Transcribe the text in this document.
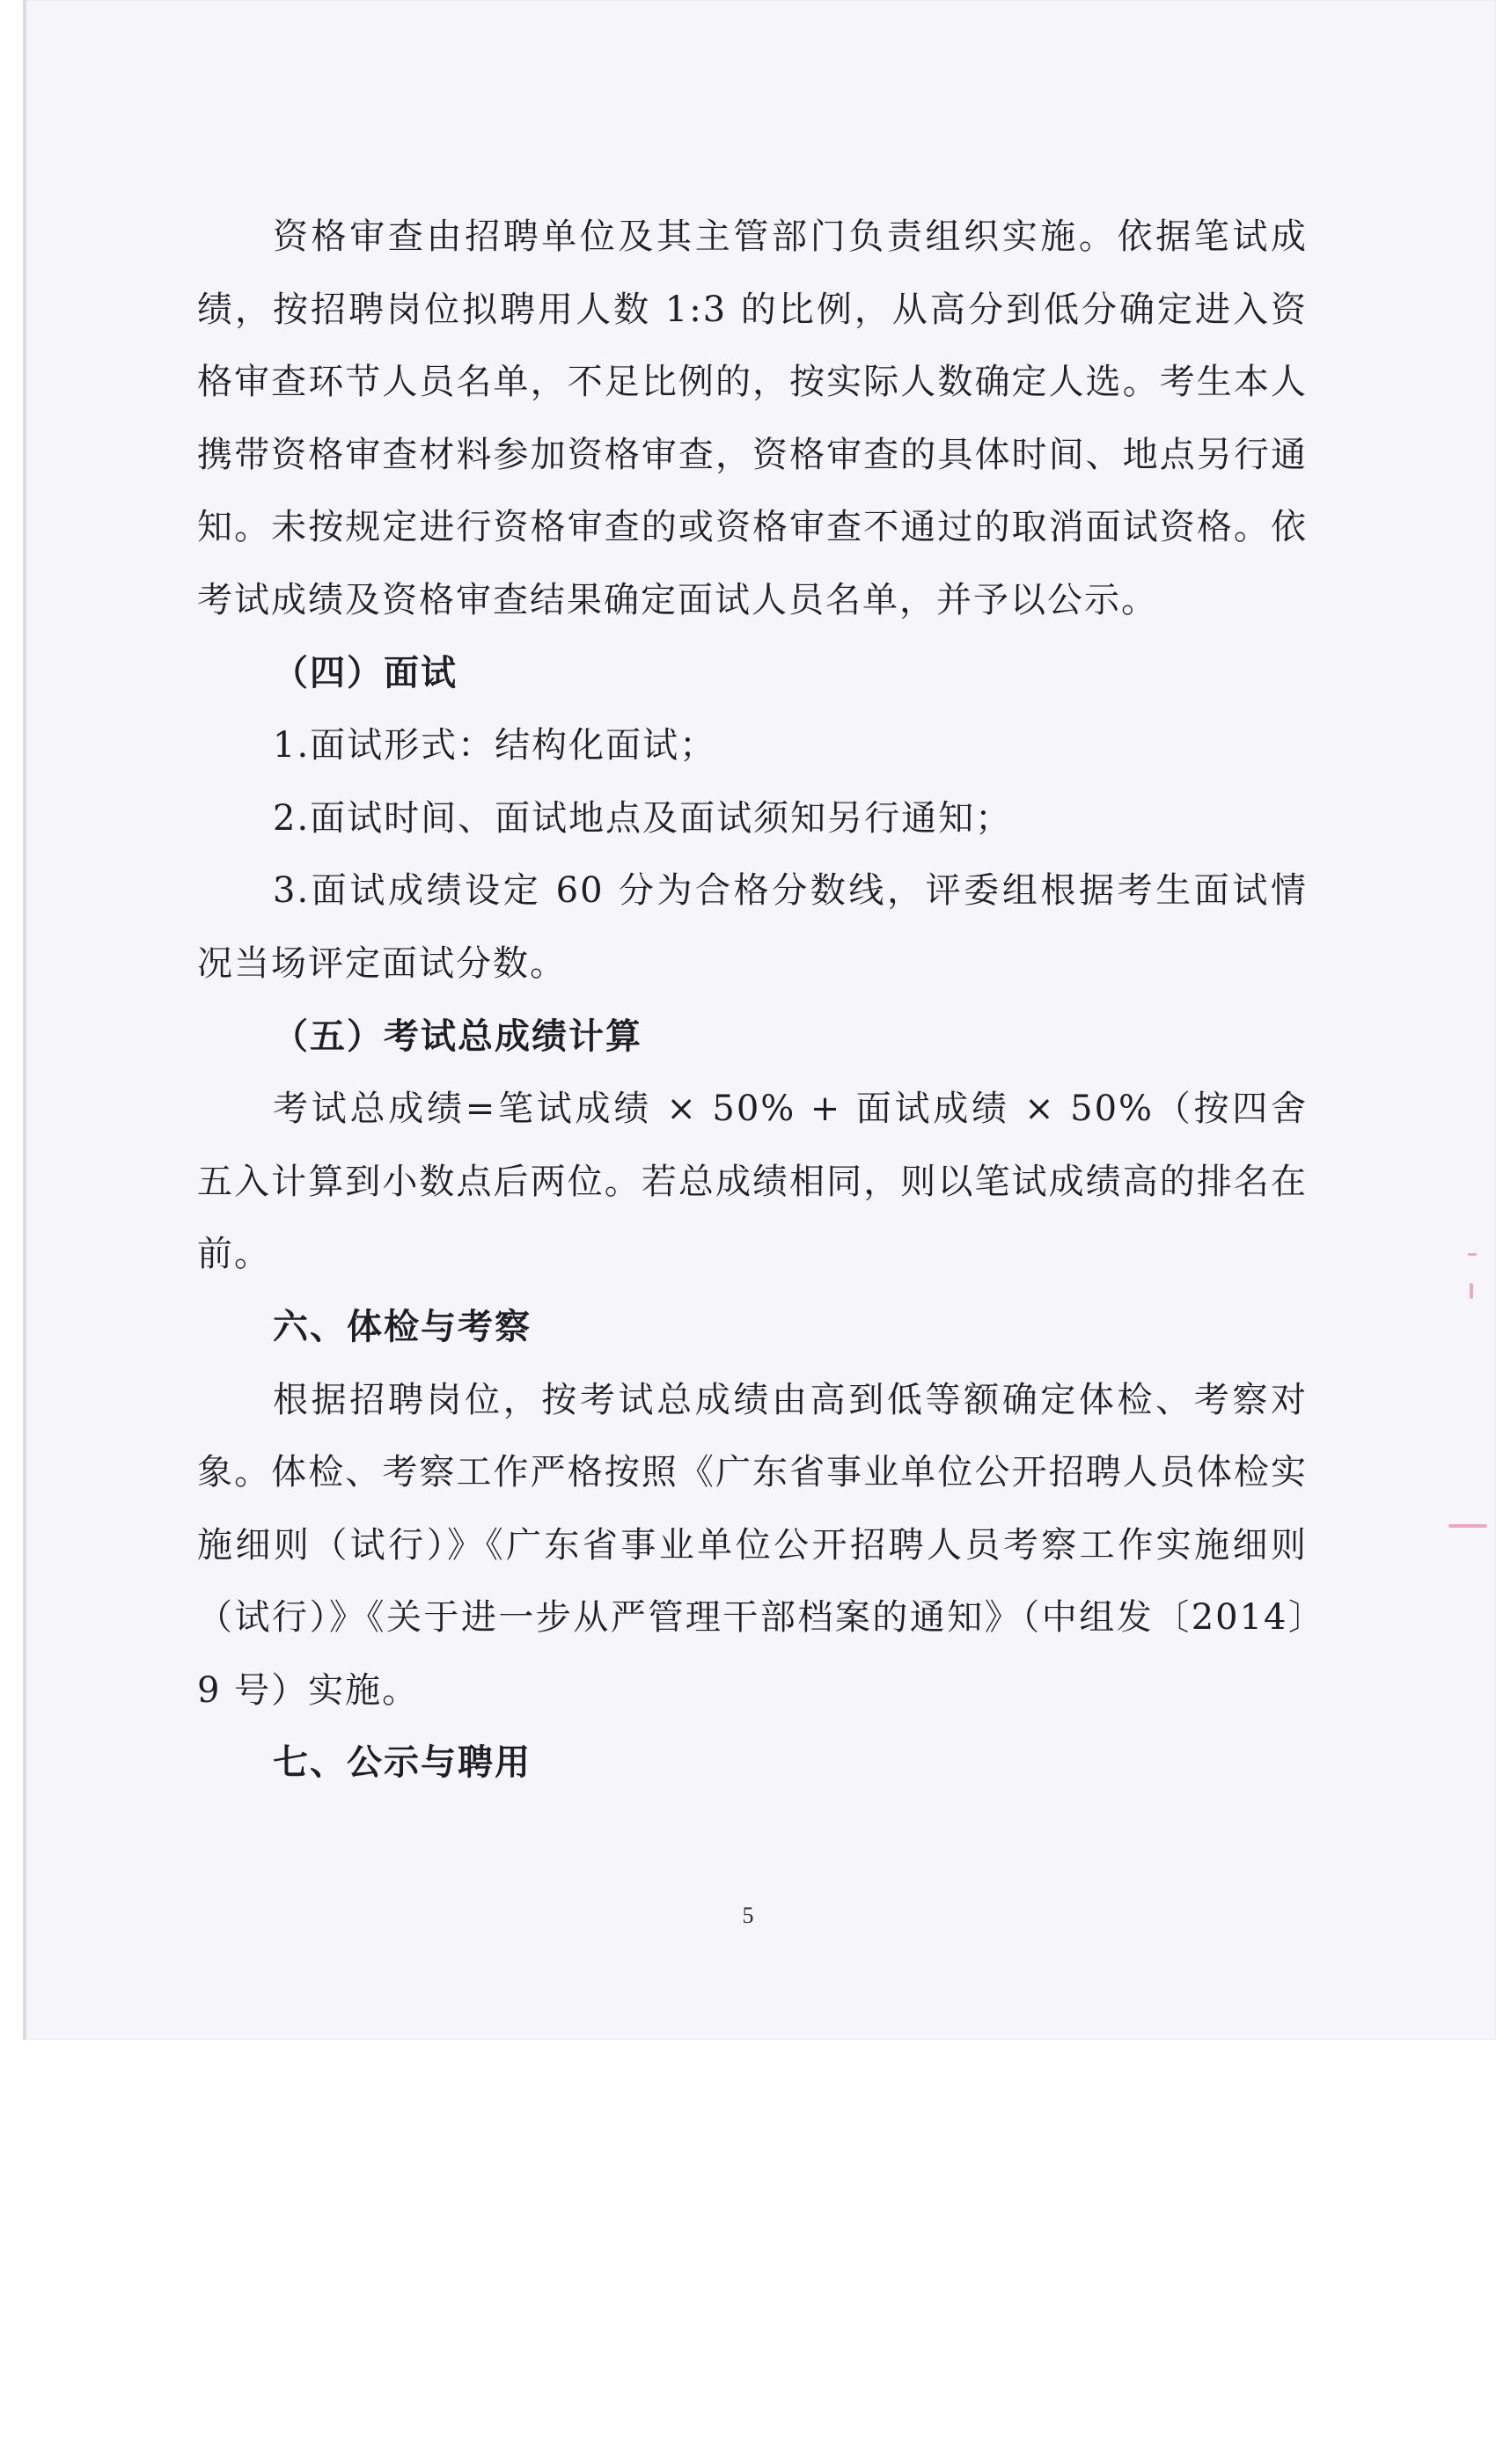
资格审查由招聘单位及其主管部门负责组织实施。依据笔试成绩，按招聘岗位拟聘用人数 1:3 的比例，从高分到低分确定进入资格审查环节人员名单，不足比例的，按实际人数确定人选。考生本人携带资格审查材料参加资格审查，资格审查的具体时间、地点另行通知。未按规定进行资格审查的或资格审查不通过的取消面试资格。依考试成绩及资格审查结果确定面试人员名单，并予以公示。

（四）面试

1.面试形式：结构化面试；

2.面试时间、面试地点及面试须知另行通知；

3.面试成绩设定 60 分为合格分数线，评委组根据考生面试情况当场评定面试分数。

（五）考试总成绩计算

考试总成绩=笔试成绩 × 50% + 面试成绩 × 50%（按四舍五入计算到小数点后两位。若总成绩相同，则以笔试成绩高的排名在前。

六、体检与考察

根据招聘岗位，按考试总成绩由高到低等额确定体检、考察对象。体检、考察工作严格按照《广东省事业单位公开招聘人员体检实施细则（试行）》《广东省事业单位公开招聘人员考察工作实施细则（试行）》《关于进一步从严管理干部档案的通知》（中组发〔2014〕9 号）实施。

七、公示与聘用

5
